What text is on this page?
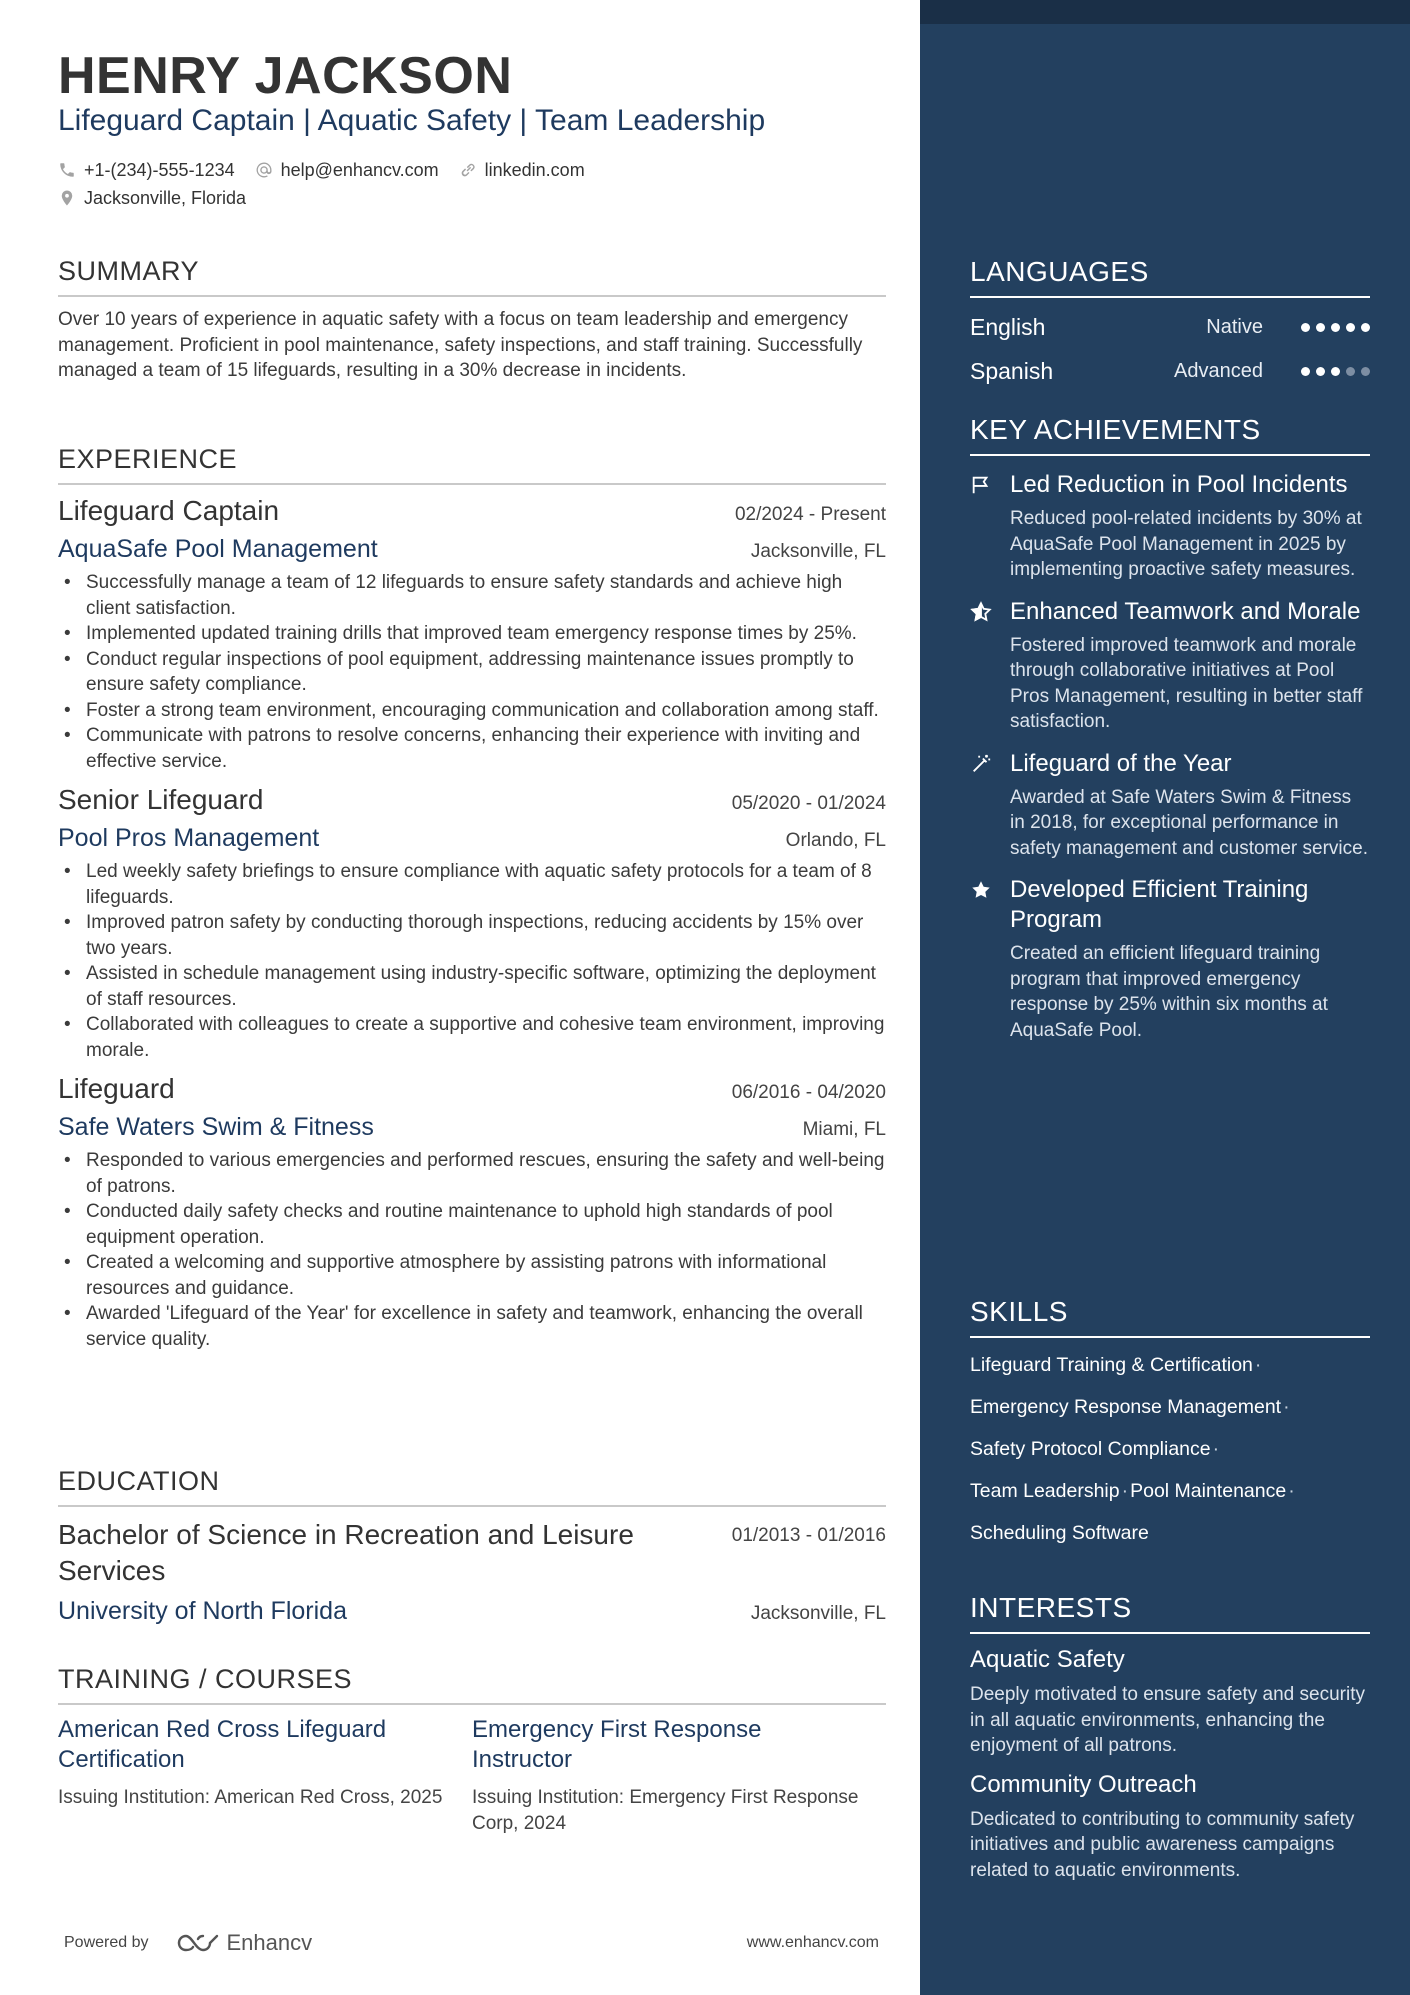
HENRY JACKSON
Lifeguard Captain | Aquatic Safety | Team Leadership
+1-(234)-555-1234	help@enhancv.com	linkedin.com
Jacksonville, Florida
SUMMARY

Over 10 years of experience in aquatic safety with a focus on team leadership and emergency management. Proficient in pool maintenance, safety inspections, and staff training. Successfully managed a team of 15 lifeguards, resulting in a 30% decrease in incidents.

EXPERIENCE
Lifeguard Captain	02/2024 - Present
AquaSafe Pool Management	Jacksonville, FL
• Successfully manage a team of 12 lifeguards to ensure safety standards and achieve high client satisfaction.
• Implemented updated training drills that improved team emergency response times by 25%.
• Conduct regular inspections of pool equipment, addressing maintenance issues promptly to ensure safety compliance.
• Foster a strong team environment, encouraging communication and collaboration among staff.
• Communicate with patrons to resolve concerns, enhancing their experience with inviting and effective service.
Senior Lifeguard	05/2020 - 01/2024
Pool Pros Management	Orlando, FL
• Led weekly safety briefings to ensure compliance with aquatic safety protocols for a team of 8 lifeguards.
• Improved patron safety by conducting thorough inspections, reducing accidents by 15% over two years.
• Assisted in schedule management using industry-specific software, optimizing the deployment of staff resources.
• Collaborated with colleagues to create a supportive and cohesive team environment, improving morale.
Lifeguard	06/2016 - 04/2020
Safe Waters Swim & Fitness	Miami, FL
• Responded to various emergencies and performed rescues, ensuring the safety and well-being of patrons.
• Conducted daily safety checks and routine maintenance to uphold high standards of pool equipment operation.
• Created a welcoming and supportive atmosphere by assisting patrons with informational resources and guidance.
• Awarded 'Lifeguard of the Year' for excellence in safety and teamwork, enhancing the overall service quality.
EDUCATION
Bachelor of Science in Recreation and Leisure Services
01/2013 - 01/2016
University of North Florida	Jacksonville, FL
TRAINING / COURSES
American Red Cross Lifeguard Certification
Issuing Institution: American Red Cross, 2025
Emergency First Response Instructor
Issuing Institution: Emergency First Response Corp, 2024
Powered by	Enhancv	www.enhancv.com
LANGUAGES
English	Native
Spanish	Advanced
KEY ACHIEVEMENTS
Led Reduction in Pool Incidents
Reduced pool-related incidents by 30% at AquaSafe Pool Management in 2025 by implementing proactive safety measures.
Enhanced Teamwork and Morale
Fostered improved teamwork and morale through collaborative initiatives at Pool Pros Management, resulting in better staff satisfaction.
Lifeguard of the Year
Awarded at Safe Waters Swim & Fitness in 2018, for exceptional performance in safety management and customer service.
Developed Efficient Training Program
Created an efficient lifeguard training program that improved emergency response by 25% within six months at AquaSafe Pool.
SKILLS
Lifeguard Training & Certification ·
Emergency Response Management ·
Safety Protocol Compliance ·
Team Leadership · Pool Maintenance ·
Scheduling Software
INTERESTS
Aquatic Safety
Deeply motivated to ensure safety and security in all aquatic environments, enhancing the enjoyment of all patrons.
Community Outreach
Dedicated to contributing to community safety initiatives and public awareness campaigns related to aquatic environments.
